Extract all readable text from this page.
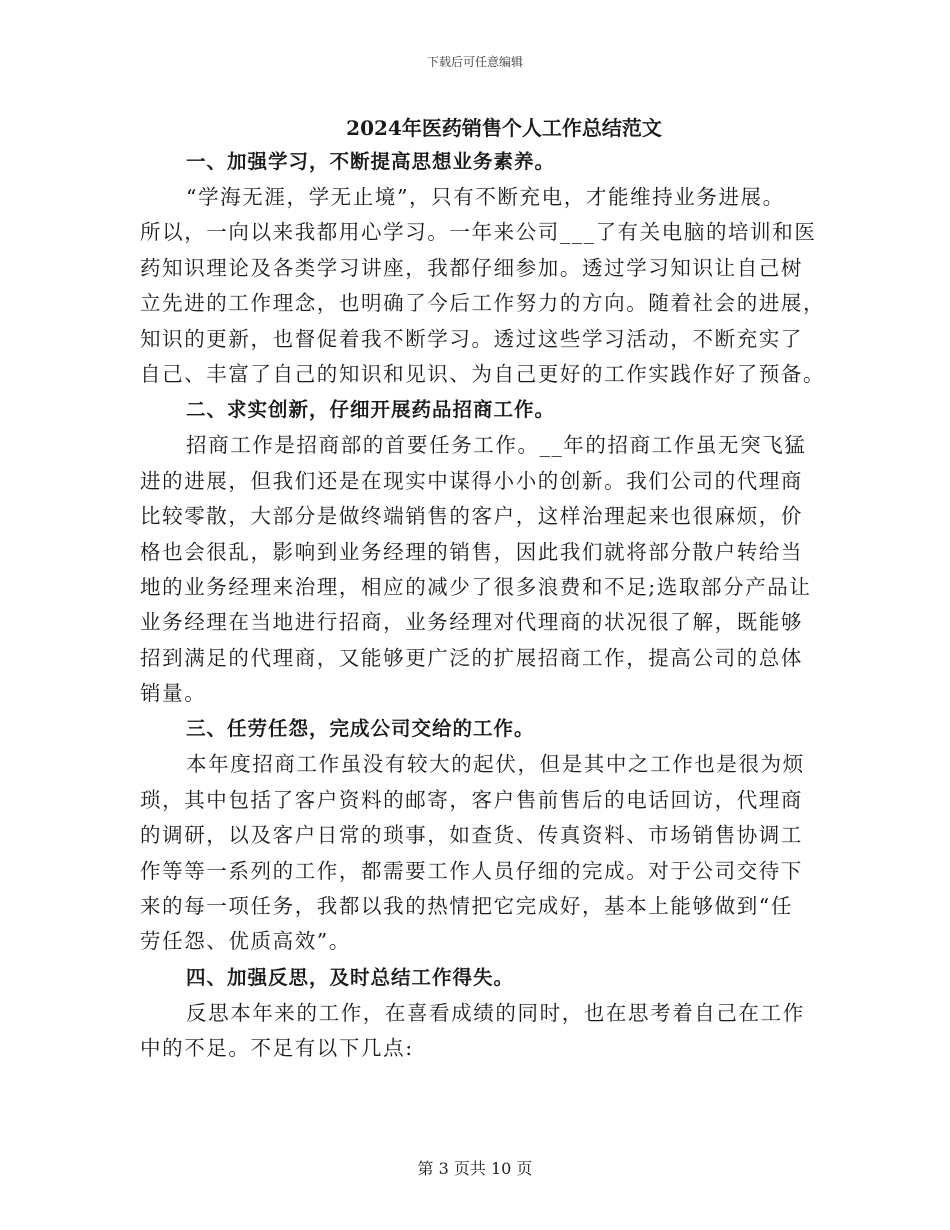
下载后可任意编辑
2024年医药销售个人工作总结范文
一、加强学习，不断提高思想业务素养。
“学海无涯，学无止境”，只有不断充电，才能维持业务进展。
所以，一向以来我都用心学习。一年来公司___了有关电脑的培训和医
药知识理论及各类学习讲座，我都仔细参加。透过学习知识让自己树
立先进的工作理念，也明确了今后工作努力的方向。随着社会的进展，
知识的更新，也督促着我不断学习。透过这些学习活动，不断充实了
自己、丰富了自己的知识和见识、为自己更好的工作实践作好了预备。
二、求实创新，仔细开展药品招商工作。
招商工作是招商部的首要任务工作。__年的招商工作虽无突飞猛
进的进展，但我们还是在现实中谋得小小的创新。我们公司的代理商
比较零散，大部分是做终端销售的客户，这样治理起来也很麻烦，价
格也会很乱，影响到业务经理的销售，因此我们就将部分散户转给当
地的业务经理来治理，相应的减少了很多浪费和不足;选取部分产品让
业务经理在当地进行招商，业务经理对代理商的状况很了解，既能够
招到满足的代理商，又能够更广泛的扩展招商工作，提高公司的总体
销量。
三、任劳任怨，完成公司交给的工作。
本年度招商工作虽没有较大的起伏，但是其中之工作也是很为烦
琐，其中包括了客户资料的邮寄，客户售前售后的电话回访，代理商
的调研，以及客户日常的琐事，如查货、传真资料、市场销售协调工
作等等一系列的工作，都需要工作人员仔细的完成。对于公司交待下
来的每一项任务，我都以我的热情把它完成好，基本上能够做到“任
劳任怨、优质高效”。
四、加强反思，及时总结工作得失。
反思本年来的工作，在喜看成绩的同时，也在思考着自己在工作
中的不足。不足有以下几点:
第 3 页共 10 页
